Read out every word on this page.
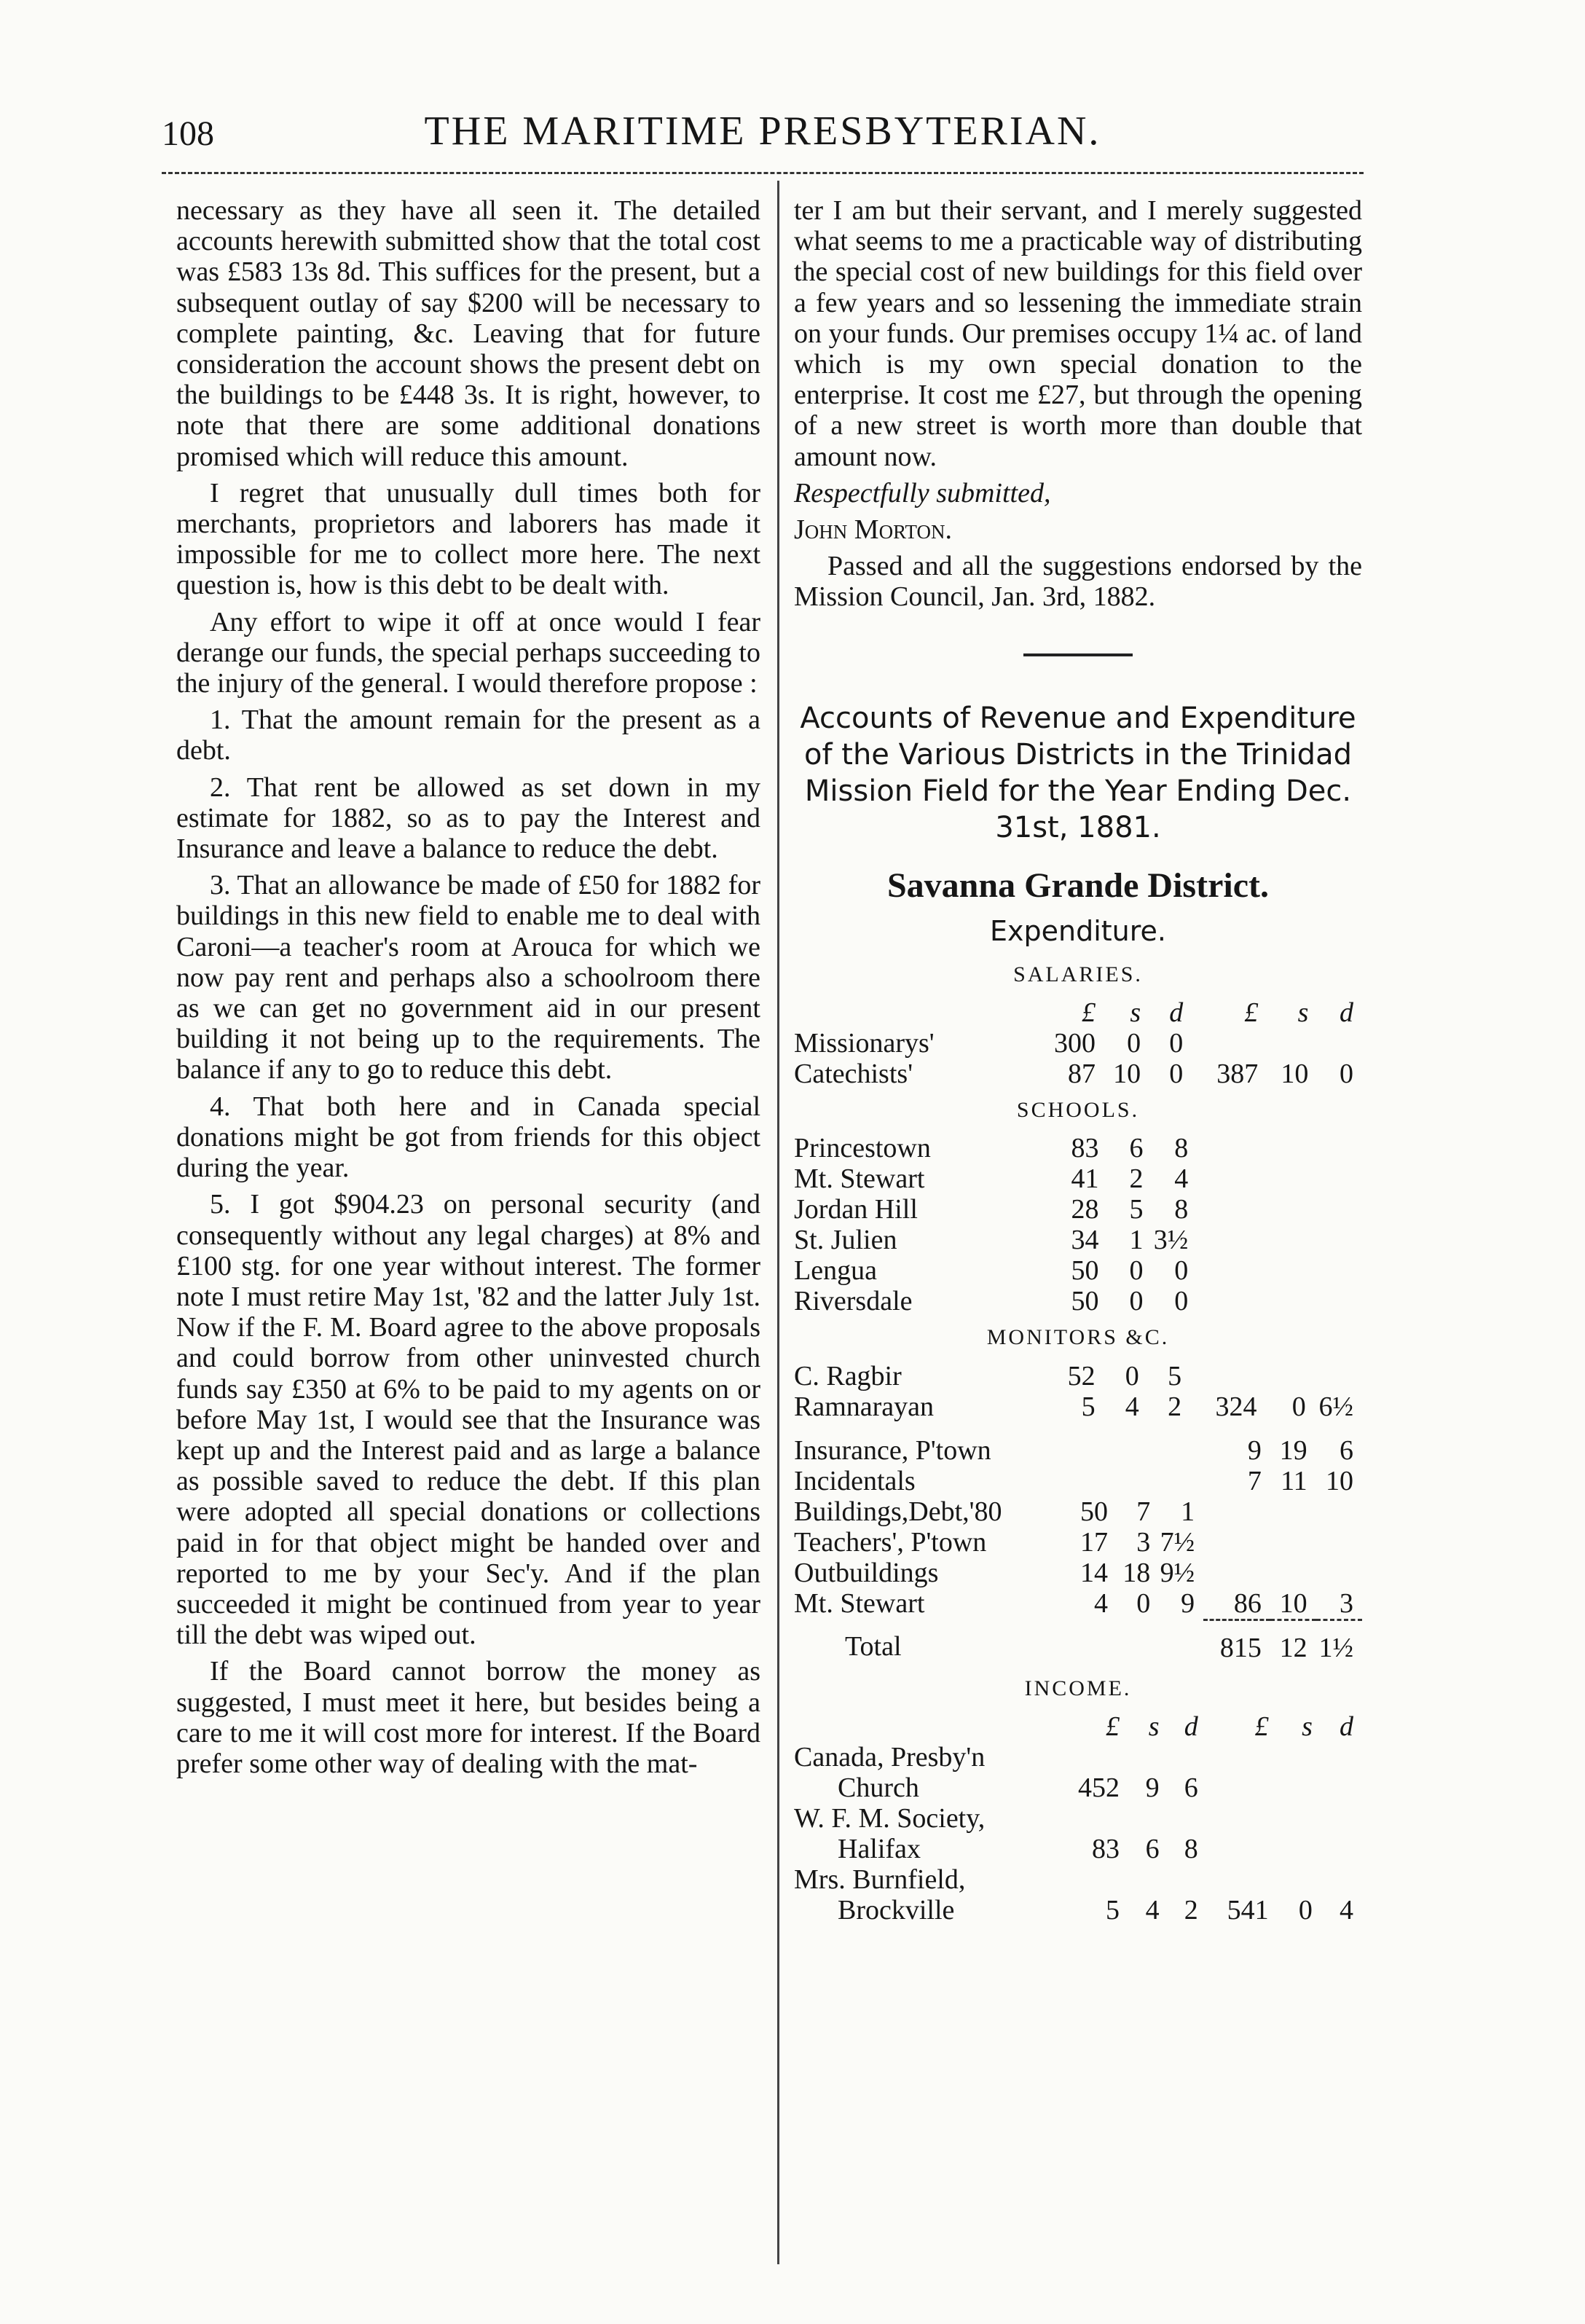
108	THE MARITIME PRESBYTERIAN.

necessary as they have all seen it. The detailed accounts herewith submitted show that the total cost was £583 13s 8d. This suffices for the present, but a subsequent outlay of say $200 will be necessary to complete painting, &c. Leaving that for future consideration the account shows the present debt on the buildings to be £448 3s. It is right, however, to note that there are some additional donations promised which will reduce this amount.

I regret that unusually dull times both for merchants, proprietors and laborers has made it impossible for me to collect more here. The next question is, how is this debt to be dealt with.

Any effort to wipe it off at once would I fear derange our funds, the special perhaps succeeding to the injury of the general. I would therefore propose :

1. That the amount remain for the present as a debt.

2. That rent be allowed as set down in my estimate for 1882, so as to pay the Interest and Insurance and leave a balance to reduce the debt.

3. That an allowance be made of £50 for 1882 for buildings in this new field to enable me to deal with Caroni—a teacher's room at Arouca for which we now pay rent and perhaps also a schoolroom there as we can get no government aid in our present building it not being up to the requirements. The balance if any to go to reduce this debt.

4. That both here and in Canada special donations might be got from friends for this object during the year.

5. I got $904.23 on personal security (and consequently without any legal charges) at 8% and £100 stg. for one year without interest. The former note I must retire May 1st, '82 and the latter July 1st. Now if the F. M. Board agree to the above proposals and could borrow from other uninvested church funds say £350 at 6% to be paid to my agents on or before May 1st, I would see that the Insurance was kept up and the Interest paid and as large a balance as possible saved to reduce the debt. If this plan were adopted all special donations or collections paid in for that object might be handed over and reported to me by your Sec'y. And if the plan succeeded it might be continued from year to year till the debt was wiped out.

If the Board cannot borrow the money as suggested, I must meet it here, but besides being a care to me it will cost more for interest. If the Board prefer some other way of dealing with the mat-

ter I am but their servant, and I merely suggested what seems to me a practicable way of distributing the special cost of new buildings for this field over a few years and so lessening the immediate strain on your funds. Our premises occupy 1¼ ac. of land which is my own special donation to the enterprise. It cost me £27, but through the opening of a new street is worth more than double that amount now.

Respectfully submitted,

John Morton.

Passed and all the suggestions endorsed by the Mission Council, Jan. 3rd, 1882.

Accounts of Revenue and Expenditure of the Various Districts in the Trinidad Mission Field for the Year Ending Dec. 31st, 1881.
Savanna Grande District.
Expenditure.
SALARIES.
	£	s	d	£	s	d
Missionarys'	300	0	0			
Catechists'	87	10	0	387	10	0
SCHOOLS.
Princestown	83	6	8			
Mt. Stewart	41	2	4			
Jordan Hill	28	5	8			
St. Julien	34	1	3½			
Lengua	50	0	0			
Riversdale	50	0	0			
MONITORS &C.
C. Ragbir	52	0	5			
Ramnarayan	5	4	2	324	0	6½
Insurance, P'town				9	19	6
Incidentals				7	11	10
Buildings,Debt,'80	50	7	1			
Teachers', P'town	17	3	7½			
Outbuildings	14	18	9½			
Mt. Stewart	4	0	9	86	10	3
Total				815	12	1½
INCOME.
	£	s	d	£	s	d
Canada, Presby'n						
Church	452	9	6			
W. F. M. Society,						
Halifax	83	6	8			
Mrs. Burnfield,						
Brockville	5	4	2	541	0	4
